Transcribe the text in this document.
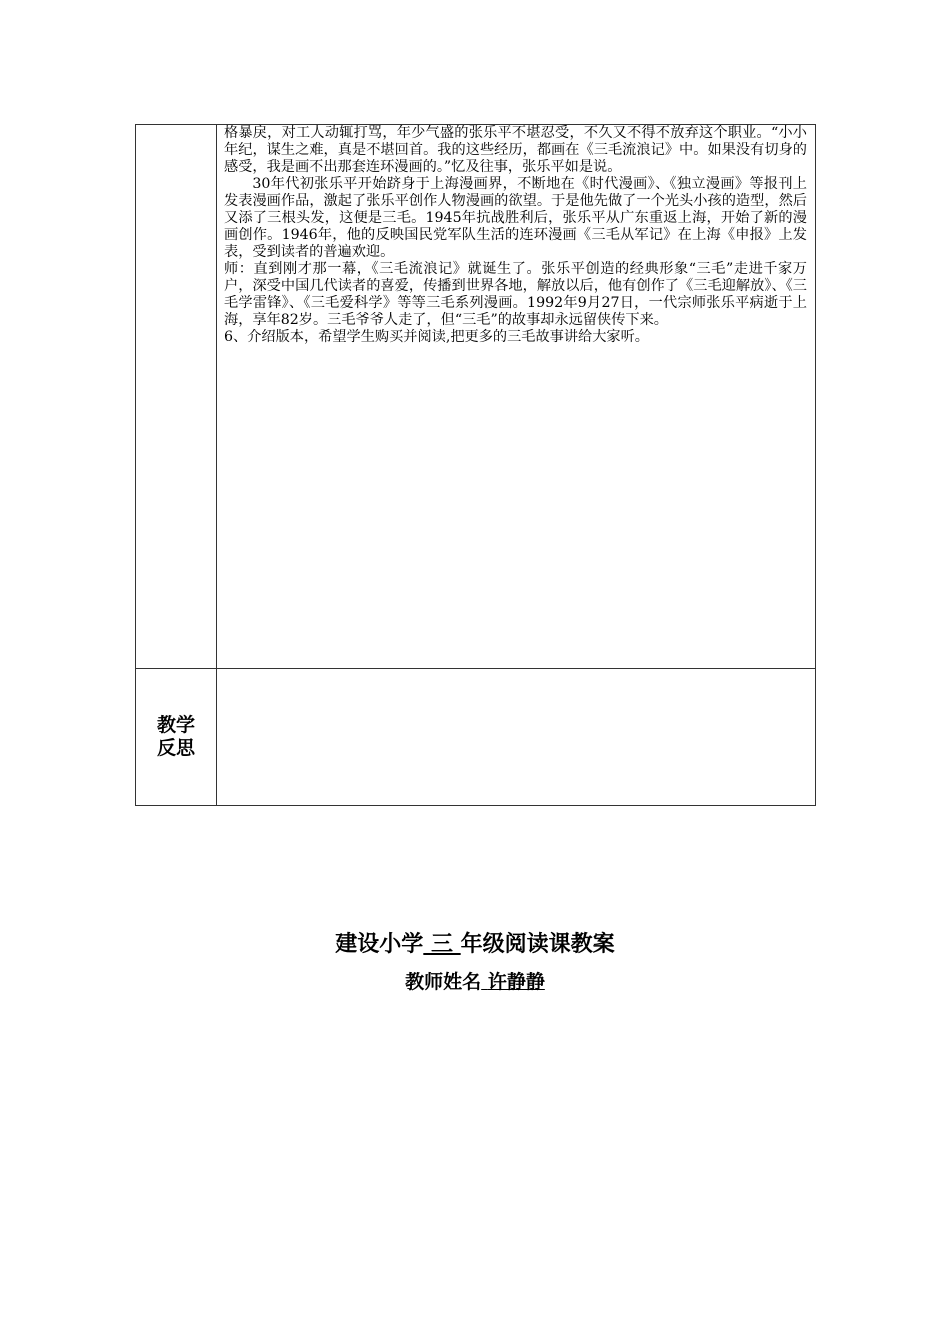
	格暴戾，对工人动辄打骂，年少气盛的张乐平不堪忍受，不久又不得不放弃这个职业。“小小年纪，谋生之难，真是不堪回首。我的这些经历，都画在《三毛流浪记》中。如果没有切身的感受，我是画不出那套连环漫画的。”忆及往事，张乐平如是说。

30年代初张乐平开始跻身于上海漫画界，不断地在《时代漫画》、《独立漫画》等报刊上发表漫画作品，激起了张乐平创作人物漫画的欲望。于是他先做了一个光头小孩的造型，然后又添了三根头发，这便是三毛。1945年抗战胜利后，张乐平从广东重返上海，开始了新的漫画创作。1946年，他的反映国民党军队生活的连环漫画《三毛从军记》在上海《申报》上发表，受到读者的普遍欢迎。

师：直到刚才那一幕，《三毛流浪记》就诞生了。张乐平创造的经典形象“三毛”走进千家万户，深受中国几代读者的喜爱，传播到世界各地，解放以后，他有创作了《三毛迎解放》、《三毛学雷锋》、《三毛爱科学》等等三毛系列漫画。1992年9月27日，一代宗师张乐平病逝于上海，享年82岁。三毛爷爷人走了，但“三毛”的故事却永远留侠传下来。

6、介绍版本，希望学生购买并阅读,把更多的三毛故事讲给大家听。

教学
反思	

建设小学 三 年级阅读课教案
教师姓名 许静静
